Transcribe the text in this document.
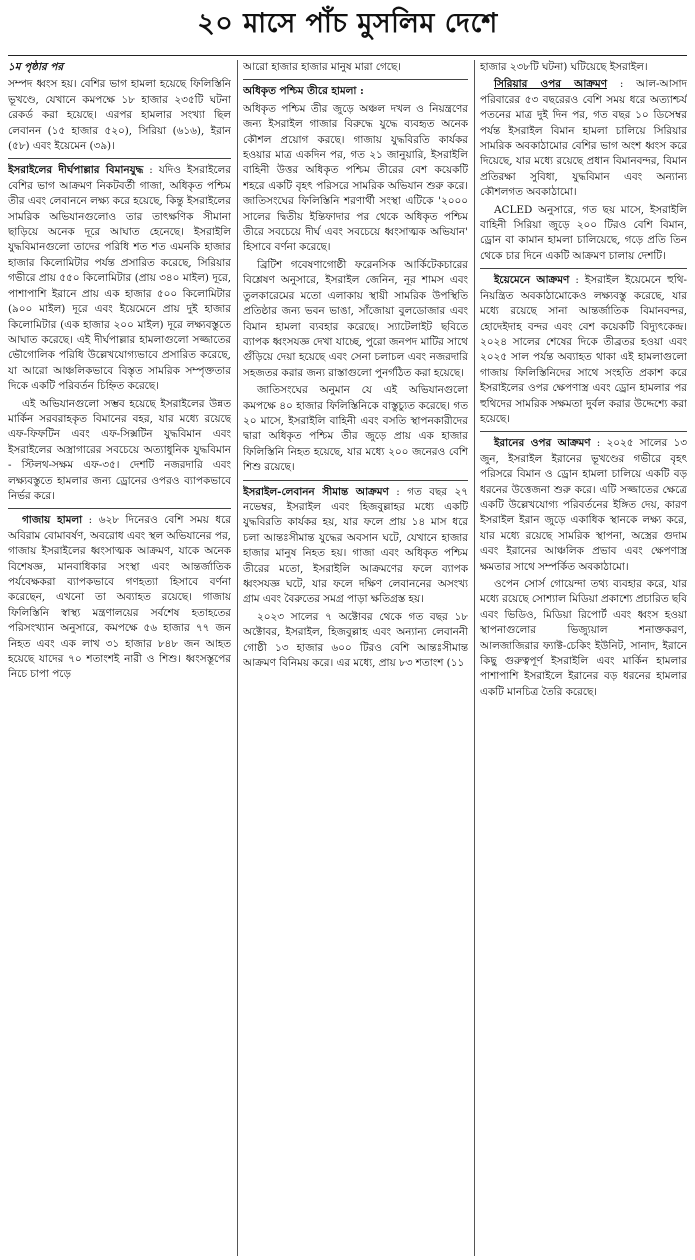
২০ মাসে পাঁচ মুসলিম দেশে

১ম পৃষ্ঠার পর

সম্পদ ধ্বংস হয়। বেশির ভাগ হামলা হয়েছে ফিলিস্তিনি ভূখণ্ডে, যেখানে কমপক্ষে ১৮ হাজার ২৩৫টি ঘটনা রেকর্ড করা হয়েছে। এরপর হামলার সংখ্যা ছিল লেবানন (১৫ হাজার ৫২০), সিরিয়া (৬১৬), ইরান (৫৮) এবং ইয়েমেন (৩৯)।

ইসরাইলের দীর্ঘপাল্লার বিমানযুদ্ধ : যদিও ইসরাইলের বেশির ভাগ আক্রমণ নিকটবর্তী গাজা, অধিকৃত পশ্চিম তীর এবং লেবাননে লক্ষ্য করে হয়েছে, কিন্তু ইসরাইলের সামরিক অভিযানগুলোও তার তাৎক্ষণিক সীমানা ছাড়িয়ে অনেক দূরে আঘাত হেনেছে। ইসরাইলি যুদ্ধবিমানগুলো তাদের পরিধি শত শত এমনকি হাজার হাজার কিলোমিটার পর্যন্ত প্রসারিত করেছে, সিরিয়ার গভীরে প্রায় ৫৫০ কিলোমিটার (প্রায় ৩৪০ মাইল) দূরে, পাশাপাশি ইরানে প্রায় এক হাজার ৫০০ কিলোমিটার (৯০০ মাইল) দূরে এবং ইয়েমেনে প্রায় দুই হাজার কিলোমিটার (এক হাজার ২০০ মাইল) দূরে লক্ষ্যবস্তুতে আঘাত করেছে। এই দীর্ঘপাল্লার হামলাগুলো সজ্জাতের ভৌগোলিক পরিধি উল্লেখযোগ্যভাবে প্রসারিত করেছে, যা আরো আঞ্চলিকভাবে বিস্তৃত সামরিক সম্পৃক্ততার দিকে একটি পরিবর্তন চিহ্নিত করেছে।

এই অভিযানগুলো সম্ভব হয়েছে ইসরাইলের উন্নত মার্কিন সরবরাহকৃত বিমানের বহর, যার মধ্যে রয়েছে এফ-ফিফটিন এবং এফ-সিক্সটিন যুদ্ধবিমান এবং ইসরাইলের অস্ত্রাগারের সবচেয়ে অত্যাধুনিক যুদ্ধবিমান - স্টিলথ-সক্ষম এফ-৩৫। দেশটি নজরদারি এবং লক্ষ্যবস্তুতে হামলার জন্য ড্রোনের ওপরও ব্যাপকভাবে নির্ভর করে।

গাজায় হামলা : ৬২৮ দিনেরও বেশি সময় ধরে অবিরাম বোমাবর্ষণ, অবরোধ এবং স্থল অভিযানের পর, গাজায় ইসরাইলের ধ্বংসাত্মক আক্রমণ, যাকে অনেক বিশেষজ্ঞ, মানবাধিকার সংস্থা এবং আন্তর্জাতিক পর্যবেক্ষকরা ব্যাপকভাবে গণহত্যা হিসাবে বর্ণনা করেছেন, এখনো তা অব্যাহত রয়েছে। গাজায় ফিলিস্তিনি স্বাস্থ্য মন্ত্রণালয়ের সর্বশেষ হতাহতের পরিসংখ্যান অনুসারে, কমপক্ষে ৫৬ হাজার ৭৭ জন নিহত এবং এক লাখ ৩১ হাজার ৮৪৮ জন আহত হয়েছে যাদের ৭০ শতাংশই নারী ও শিশু। ধ্বংসস্তূপের নিচে চাপা পড়ে

আরো হাজার হাজার মানুষ মারা গেছে।

অধিকৃত পশ্চিম তীরে হামলা :

অধিকৃত পশ্চিম তীর জুড়ে অঞ্চল দখল ও নিয়ন্ত্রণের জন্য ইসরাইল গাজার বিরুদ্ধে যুদ্ধে ব্যবহৃত অনেক কৌশল প্রয়োগ করছে। গাজায় যুদ্ধবিরতি কার্যকর হওয়ার মাত্র একদিন পর, গত ২১ জানুয়ারি, ইসরাইলি বাহিনী উত্তর অধিকৃত পশ্চিম তীরের বেশ কয়েকটি শহরে একটি বৃহৎ পরিসরে সামরিক অভিযান শুরু করে। জাতিসংঘের ফিলিস্তিনি শরণার্থী সংস্থা এটিকে '২০০০ সালের দ্বিতীয় ইন্তিফাদার পর থেকে অধিকৃত পশ্চিম তীরে সবচেয়ে দীর্ঘ এবং সবচেয়ে ধ্বংসাত্মক অভিযান' হিসাবে বর্ণনা করেছে।

ব্রিটিশ গবেষণাগোষ্ঠী ফরেনসিক আর্কিটেকচারের বিশ্লেষণ অনুসারে, ইসরাইল জেনিন, নূর শামস এবং তুলকারেমের মতো এলাকায় স্থায়ী সামরিক উপস্থিতি প্রতিষ্ঠার জন্য ভবন ভাঙা, সাঁজোয়া বুলডোজার এবং বিমান হামলা ব্যবহার করেছে। স্যাটেলাইট ছবিতে ব্যাপক ধ্বংসযজ্ঞ দেখা যাচ্ছে, পুরো জনপদ মাটির সাথে গুঁড়িয়ে দেয়া হয়েছে এবং সেনা চলাচল এবং নজরদারি সহজতর করার জন্য রাস্তাগুলো পুনর্গঠিত করা হয়েছে।

জাতিসংঘের অনুমান যে এই অভিযানগুলো কমপক্ষে ৪০ হাজার ফিলিস্তিনিকে বাস্তুচ্যুত করেছে। গত ২০ মাসে, ইসরাইলি বাহিনী এবং বসতি স্থাপনকারীদের দ্বারা অধিকৃত পশ্চিম তীর জুড়ে প্রায় এক হাজার ফিলিস্তিনি নিহত হয়েছে, যার মধ্যে ২০০ জনেরও বেশি শিশু রয়েছে।

ইসরাইল-লেবানন সীমান্ত আক্রমণ : গত বছর ২৭ নভেম্বর, ইসরাইল এবং হিজবুল্লাহর মধ্যে একটি যুদ্ধবিরতি কার্যকর হয়, যার ফলে প্রায় ১৪ মাস ধরে চলা আন্তঃসীমান্ত যুদ্ধের অবসান ঘটে, যেখানে হাজার হাজার মানুষ নিহত হয়। গাজা এবং অধিকৃত পশ্চিম তীরের মতো, ইসরাইলি আক্রমণের ফলে ব্যাপক ধ্বংসযজ্ঞ ঘটে, যার ফলে দক্ষিণ লেবাননের অসংখ্য গ্রাম এবং বৈরুতের সমগ্র পাড়া ক্ষতিগ্রস্ত হয়।

২০২৩ সালের ৭ অক্টোবর থেকে গত বছর ১৮ অক্টোবর, ইসরাইল, হিজবুল্লাহ এবং অন্যান্য লেবাননী গোষ্ঠী ১৩ হাজার ৬০০ টিরও বেশি আন্তঃসীমান্ত আক্রমণ বিনিময় করে। এর মধ্যে, প্রায় ৮৩ শতাংশ (১১

হাজার ২৩৮টি ঘটনা) ঘটিয়েছে ইসরাইল।

সিরিয়ার ওপর আক্রমণ : আল-আসাদ পরিবারের ৫৩ বছরেরও বেশি সময় ধরে অত্যাশ্চর্য পতনের মাত্র দুই দিন পর, গত বছর ১০ ডিসেম্বর পর্যন্ত ইসরাইল বিমান হামলা চালিয়ে সিরিয়ার সামরিক অবকাঠামোর বেশির ভাগ অংশ ধ্বংস করে দিয়েছে, যার মধ্যে রয়েছে প্রধান বিমানবন্দর, বিমান প্রতিরক্ষা সুবিধা, যুদ্ধবিমান এবং অন্যান্য কৌশলগত অবকাঠামো।

ACLED অনুসারে, গত ছয় মাসে, ইসরাইলি বাহিনী সিরিয়া জুড়ে ২০০ টিরও বেশি বিমান, ড্রোন বা কামান হামলা চালিয়েছে, গড়ে প্রতি তিন থেকে চার দিনে একটি আক্রমণ চালায় দেশটি।

ইয়েমেনে আক্রমণ : ইসরাইল ইয়েমেনে হুথি-নিয়ন্ত্রিত অবকাঠামোকেও লক্ষ্যবস্তু করেছে, যার মধ্যে রয়েছে সানা আন্তর্জাতিক বিমানবন্দর, হোদেইদাহ বন্দর এবং বেশ কয়েকটি বিদ্যুৎকেন্দ্র। ২০২৪ সালের শেষের দিকে তীব্রতর হওয়া এবং ২০২৫ সাল পর্যন্ত অব্যাহত থাকা এই হামলাগুলো গাজায় ফিলিস্তিনিদের সাথে সংহতি প্রকাশ করে ইসরাইলের ওপর ক্ষেপণাস্ত্র এবং ড্রোন হামলার পর হুথিদের সামরিক সক্ষমতা দুর্বল করার উদ্দেশ্যে করা হয়েছে।

ইরানের ওপর আক্রমণ : ২০২৫ সালের ১৩ জুন, ইসরাইল ইরানের ভূখণ্ডের গভীরে বৃহৎ পরিসরে বিমান ও ড্রোন হামলা চালিয়ে একটি বড় ধরনের উত্তেজনা শুরু করে। এটি সজ্জাতের ক্ষেত্রে একটি উল্লেখযোগ্য পরিবর্তনের ইঙ্গিত দেয়, কারণ ইসরাইল ইরান জুড়ে একাধিক স্থানকে লক্ষ্য করে, যার মধ্যে রয়েছে সামরিক স্থাপনা, অস্ত্রের গুদাম এবং ইরানের আঞ্চলিক প্রভাব এবং ক্ষেপণাস্ত্র ক্ষমতার সাথে সম্পর্কিত অবকাঠামো।

ওপেন সোর্স গোয়েন্দা তথ্য ব্যবহার করে, যার মধ্যে রয়েছে সোশ্যাল মিডিয়া প্রকাশ্যে প্রচারিত ছবি এবং ভিডিও, মিডিয়া রিপোর্ট এবং ধ্বংস হওয়া স্থাপনাগুলোর ভিজ্যুয়াল শনাক্তকরণ, আলজাজিরার ফ্যাক্ট-চেকিং ইউনিট, সানাদ, ইরানে কিছু গুরুত্বপূর্ণ ইসরাইলি এবং মার্কিন হামলার পাশাপাশি ইসরাইলে ইরানের বড় ধরনের হামলার একটি মানচিত্র তৈরি করেছে।
